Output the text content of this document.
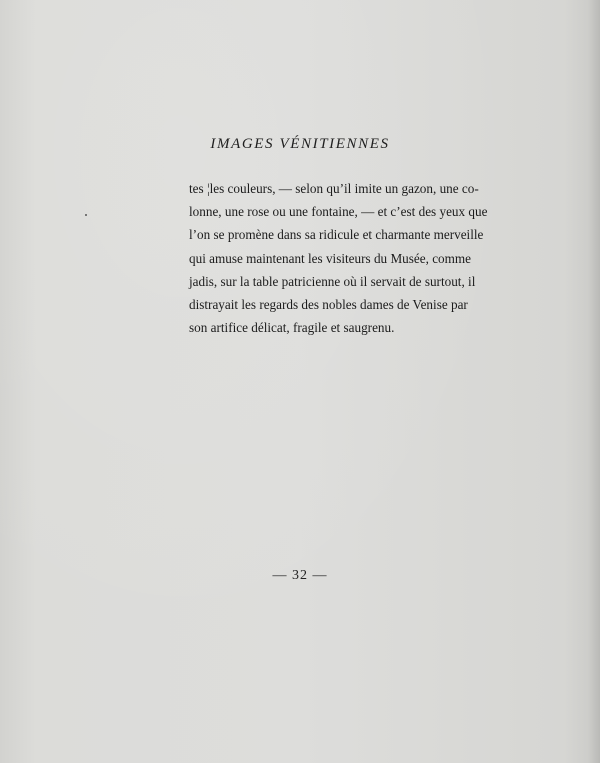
IMAGES VÉNITIENNES
tes ¦les couleurs, — selon qu’il imite un gazon, une co-
lonne, une rose ou une fontaine, — et c’est des yeux que
l’on se promène dans sa ridicule et charmante merveille
qui amuse maintenant les visiteurs du Musée, comme
jadis, sur la table patricienne où il servait de surtout, il
distrayait les regards des nobles dames de Venise par
son artifice délicat, fragile et saugrenu.
— 32 —
